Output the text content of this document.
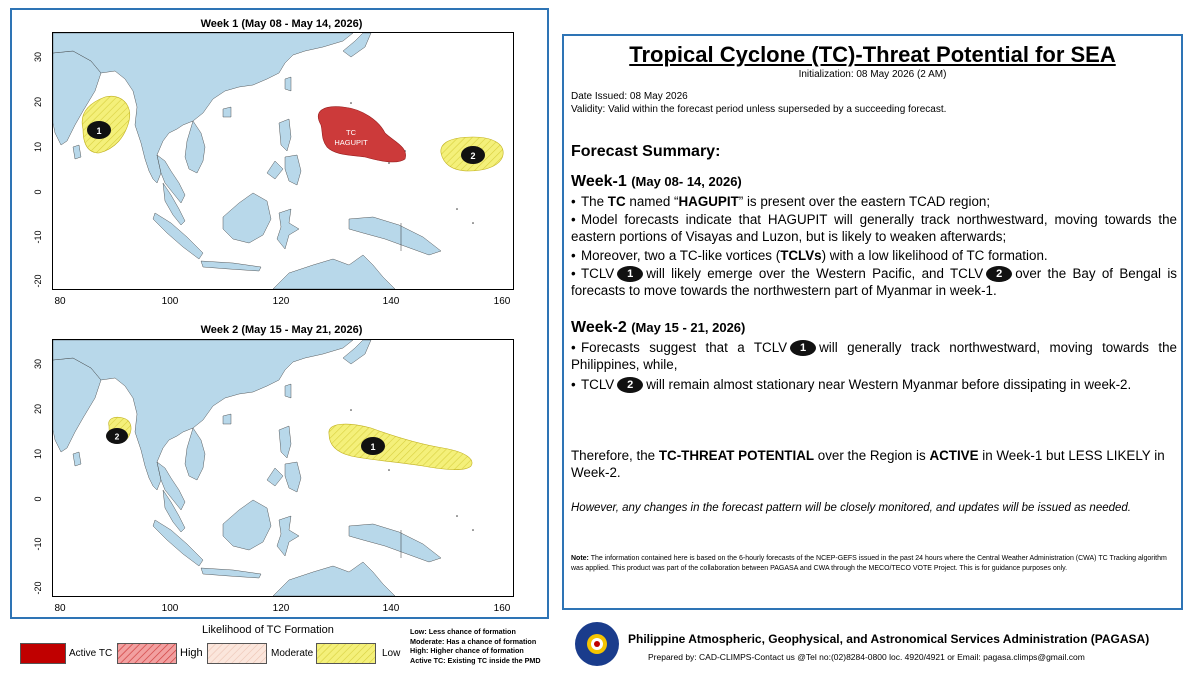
Week 1 (May 08 - May 14, 2026)
TC
HAGUPIT
1
2
30
20
10
0
-10
-20
80	100	120	140	160
Week 2 (May 15 - May 21, 2026)
2
1
30
20
10
0
-10
-20
80	100	120	140	160
Tropical Cyclone (TC)-Threat Potential for SEA
Initialization: 08 May 2026 (2 AM)
Date Issued: 08 May 2026
Validity: Valid within the forecast period unless superseded by a succeeding forecast.
Forecast Summary:
Week-1 (May 08- 14, 2026)
• The TC named “HAGUPIT” is present over the eastern TCAD region;
• Model forecasts indicate that HAGUPIT will generally track northwestward, moving towards the eastern portions of Visayas and Luzon, but is likely to weaken afterwards;
• Moreover, two a TC-like vortices (TCLVs) with a low likelihood of TC formation.
• TCLV 1 will likely emerge over the Western Pacific, and TCLV 2 over the Bay of Bengal is forecasts to move towards the northwestern part of Myanmar in week-1.
Week-2 (May 15 - 21, 2026)
• Forecasts suggest that a TCLV 1 will generally track northwestward, moving towards the Philippines, while,
• TCLV 2 will remain almost stationary near Western Myanmar before dissipating in week-2.
Therefore, the TC-THREAT POTENTIAL over the Region is ACTIVE in Week-1 but LESS LIKELY in Week-2.
However, any changes in the forecast pattern will be closely monitored, and updates will be issued as needed.
Note: The information contained here is based on the 6-hourly forecasts of the NCEP-GEFS issued in the past 24 hours where the Central Weather Administration (CWA) TC Tracking algorithm was applied. This product was part of the collaboration between PAGASA and CWA through the MECO/TECO VOTE Project. This is for guidance purposes only.
Likelihood of TC Formation
Active TC	High	Moderate	Low
Low: Less chance of formation
Moderate: Has a chance of formation
High: Higher chance of formation
Active TC: Existing TC inside the PMD
Philippine Atmospheric, Geophysical, and Astronomical Services Administration (PAGASA)
Prepared by: CAD-CLIMPS-Contact us @Tel no:(02)8284-0800 loc. 4920/4921 or Email: pagasa.climps@gmail.com
